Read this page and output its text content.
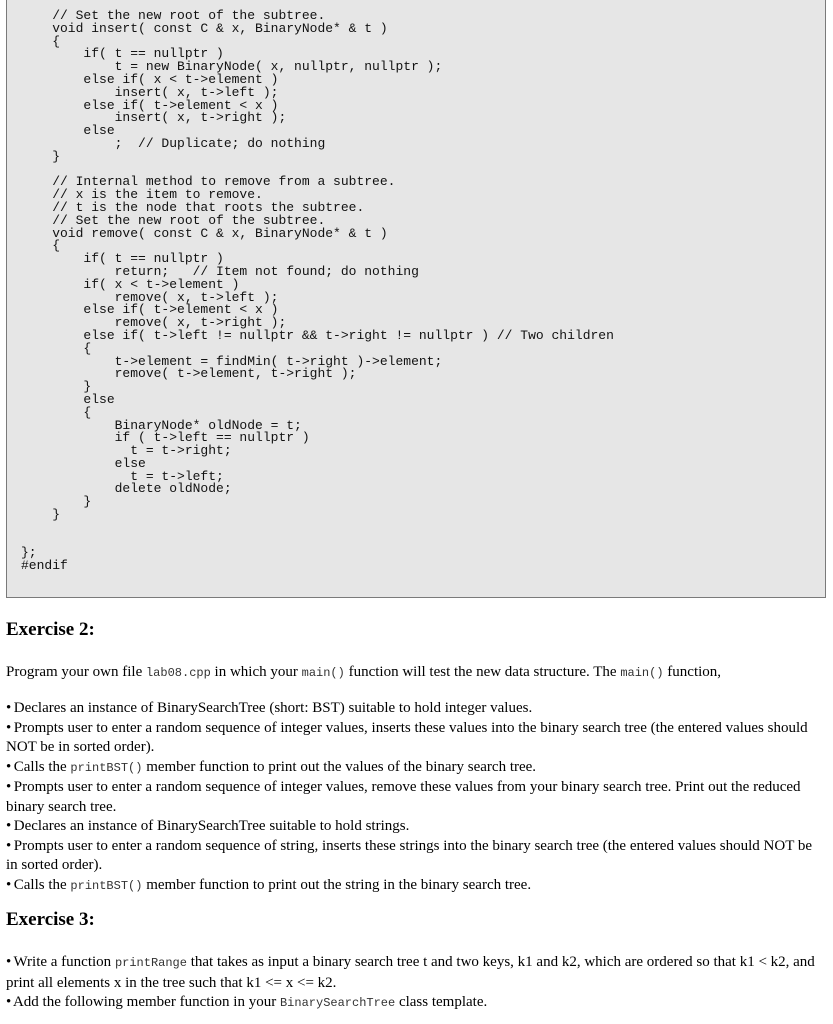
// Set the new root of the subtree.
void insert( const C & x, BinaryNode* & t )
{
if( t == nullptr )
t = new BinaryNode( x, nullptr, nullptr );
else if( x < t->element )
insert( x, t->left );
else if( t->element < x )
insert( x, t->right );
else
;  // Duplicate; do nothing
}

// Internal method to remove from a subtree.
// x is the item to remove.
// t is the node that roots the subtree.
// Set the new root of the subtree.
void remove( const C & x, BinaryNode* & t )
{
if( t == nullptr )
return;   // Item not found; do nothing
if( x < t->element )
remove( x, t->left );
else if( t->element < x )
remove( x, t->right );
else if( t->left != nullptr && t->right != nullptr ) // Two children
{
t->element = findMin( t->right )->element;
remove( t->element, t->right );
}
else
{
BinaryNode* oldNode = t;
if ( t->left == nullptr )
t = t->right;
else
t = t->left;
delete oldNode;
}
}

};
#endif

Exercise 2:

Program your own file lab08.cpp in which your main() function will test the new data structure. The main() function,

• Declares an instance of BinarySearchTree (short: BST) suitable to hold integer values.
• Prompts user to enter a random sequence of integer values, inserts these values into the binary search tree (the entered values should NOT be in sorted order).
• Calls the printBST() member function to print out the values of the binary search tree.
• Prompts user to enter a random sequence of integer values, remove these values from your binary search tree. Print out the reduced binary search tree.
• Declares an instance of BinarySearchTree suitable to hold strings.
• Prompts user to enter a random sequence of string, inserts these strings into the binary search tree (the entered values should NOT be in sorted order).
• Calls the printBST() member function to print out the string in the binary search tree.
Exercise 3:
• Write a function printRange that takes as input a binary search tree t and two keys, k1 and k2, which are ordered so that k1 < k2, and print all elements x in the tree such that k1 <= x <= k2.
• Add the following member function in your BinarySearchTree class template.
